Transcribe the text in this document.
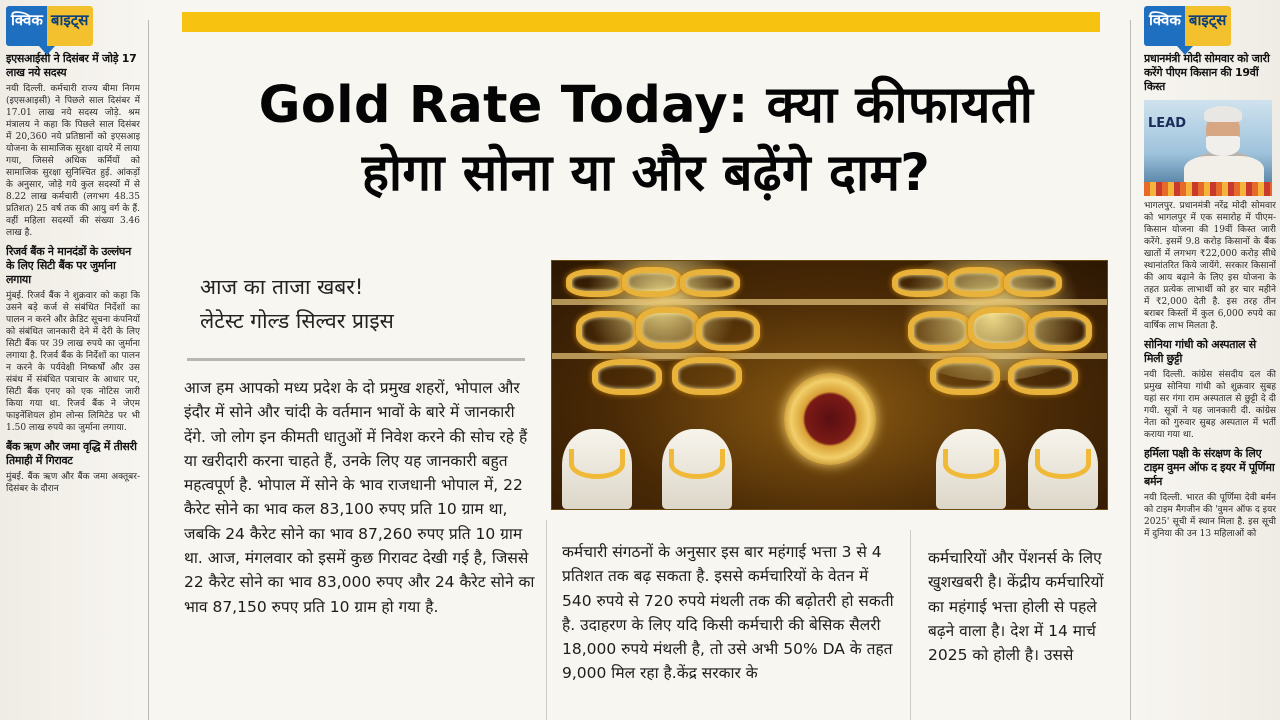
क्विक बाइट्स
इएसआईसी ने दिसंबर में जोड़े 17 लाख नये सदस्य
नयी दिल्ली. कर्मचारी राज्य बीमा निगम (इएसआइसी) ने पिछले साल दिसंबर में 17.01 लाख नये सदस्य जोड़े. श्रम मंत्रालय ने कहा कि पिछले साल दिसंबर में 20,360 नये प्रतिष्ठानों को इएसआइ योजना के सामाजिक सुरक्षा दायरे में लाया गया, जिससे अधिक कर्मियों को सामाजिक सुरक्षा सुनिश्चित हुई. आंकड़ों के अनुसार, जोड़े गये कुल सदस्यों में से 8.22 लाख कर्मचारी (लगभग 48.35 प्रतिशत) 25 वर्ष तक की आयु वर्ग के हैं. वहीं महिला सदस्यों की संख्या 3.46 लाख है.
रिजर्व बैंक ने मानदंडों के उल्लंघन के लिए सिटी बैंक पर जुर्माना लगाया
मुंबई. रिजर्व बैंक ने शुक्रवार को कहा कि उसने बड़े कर्ज से संबंधित निर्देशों का पालन न करने और क्रेडिट सूचना कंपनियों को संबंधित जानकारी देने में देरी के लिए सिटी बैंक पर 39 लाख रुपये का जुर्माना लगाया है. रिजर्व बैंक के निर्देशों का पालन न करने के पर्यवेक्षी निष्कर्षों और उस संबंध में संबंधित पत्राचार के आधार पर, सिटी बैंक एनए को एक नोटिस जारी किया गया था. रिजर्व बैंक ने जेएम फाइनेंशियल होम लोन्स लिमिटेड पर भी 1.50 लाख रुपये का जुर्माना लगाया.
बैंक ऋण और जमा वृद्धि में तीसरी तिमाही में गिरावट
मुंबई. बैंक ऋण और बैंक जमा अक्तूबर-दिसंबर के दौरान
क्विक बाइट्स
प्रधानमंत्री मोदी सोमवार को जारी करेंगे पीएम किसान की 19वीं किस्त
LEAD
भागलपुर. प्रधानमंत्री नरेंद्र मोदी सोमवार को भागलपुर में एक समारोह में पीएम-किसान योजना की 19वीं किस्त जारी करेंगे. इसमें 9.8 करोड़ किसानों के बैंक खातों में लगभग ₹22,000 करोड़ सीधे स्थानांतरित किये जायेंगे. सरकार किसानों की आय बढ़ाने के लिए इस योजना के तहत प्रत्येक लाभार्थी को हर चार महीने में ₹2,000 देती है. इस तरह तीन बराबर किस्तों में कुल 6,000 रुपये का वार्षिक लाभ मिलता है.
सोनिया गांधी को अस्पताल से मिली छुट्टी
नयी दिल्ली. कांग्रेस संसदीय दल की प्रमुख सोनिया गांधी को शुक्रवार सुबह यहां सर गंगा राम अस्पताल से छुट्टी दे दी गयी. सूत्रों ने यह जानकारी दी. कांग्रेस नेता को गुरुवार सुबह अस्पताल में भर्ती कराया गया था.
हर्मिला पक्षी के संरक्षण के लिए टाइम वुमन ऑफ द इयर में पूर्णिमा बर्मन
नयी दिल्ली. भारत की पूर्णिमा देवी बर्मन को टाइम मैगजीन की 'वुमन ऑफ द इयर 2025' सूची में स्थान मिला है. इस सूची में दुनिया की उन 13 महिलाओं को
Gold Rate Today: क्या कीफायती
होगा सोना या और बढ़ेंगे दाम?
आज का ताजा खबर!
लेटेस्ट गोल्ड सिल्वर प्राइस
आज हम आपको मध्य प्रदेश के दो प्रमुख शहरों, भोपाल और इंदौर में सोने और चांदी के वर्तमान भावों के बारे में जानकारी देंगे. जो लोग इन कीमती धातुओं में निवेश करने की सोच रहे हैं या खरीदारी करना चाहते हैं, उनके लिए यह जानकारी बहुत महत्वपूर्ण है. भोपाल में सोने के भाव राजधानी भोपाल में, 22 कैरेट सोने का भाव कल 83,100 रुपए प्रति 10 ग्राम था, जबकि 24 कैरेट सोने का भाव 87,260 रुपए प्रति 10 ग्राम था. आज, मंगलवार को इसमें कुछ गिरावट देखी गई है, जिससे 22 कैरेट सोने का भाव 83,000 रुपए और 24 कैरेट सोने का भाव 87,150 रुपए प्रति 10 ग्राम हो गया है.
कर्मचारी संगठनों के अनुसार इस बार महंगाई भत्ता 3 से 4 प्रतिशत तक बढ़ सकता है. इससे कर्मचारियों के वेतन में 540 रुपये से 720 रुपये मंथली तक की बढ़ोतरी हो सकती है. उदाहरण के लिए यदि किसी कर्मचारी की बेसिक सैलरी 18,000 रुपये मंथली है, तो उसे अभी 50% DA के तहत 9,000 मिल रहा है.केंद्र सरकार के
कर्मचारियों और पेंशनर्स के लिए खुशखबरी है। केंद्रीय कर्मचारियों का महंगाई भत्ता होली से पहले बढ़ने वाला है। देश में 14 मार्च 2025 को होली है। उससे
